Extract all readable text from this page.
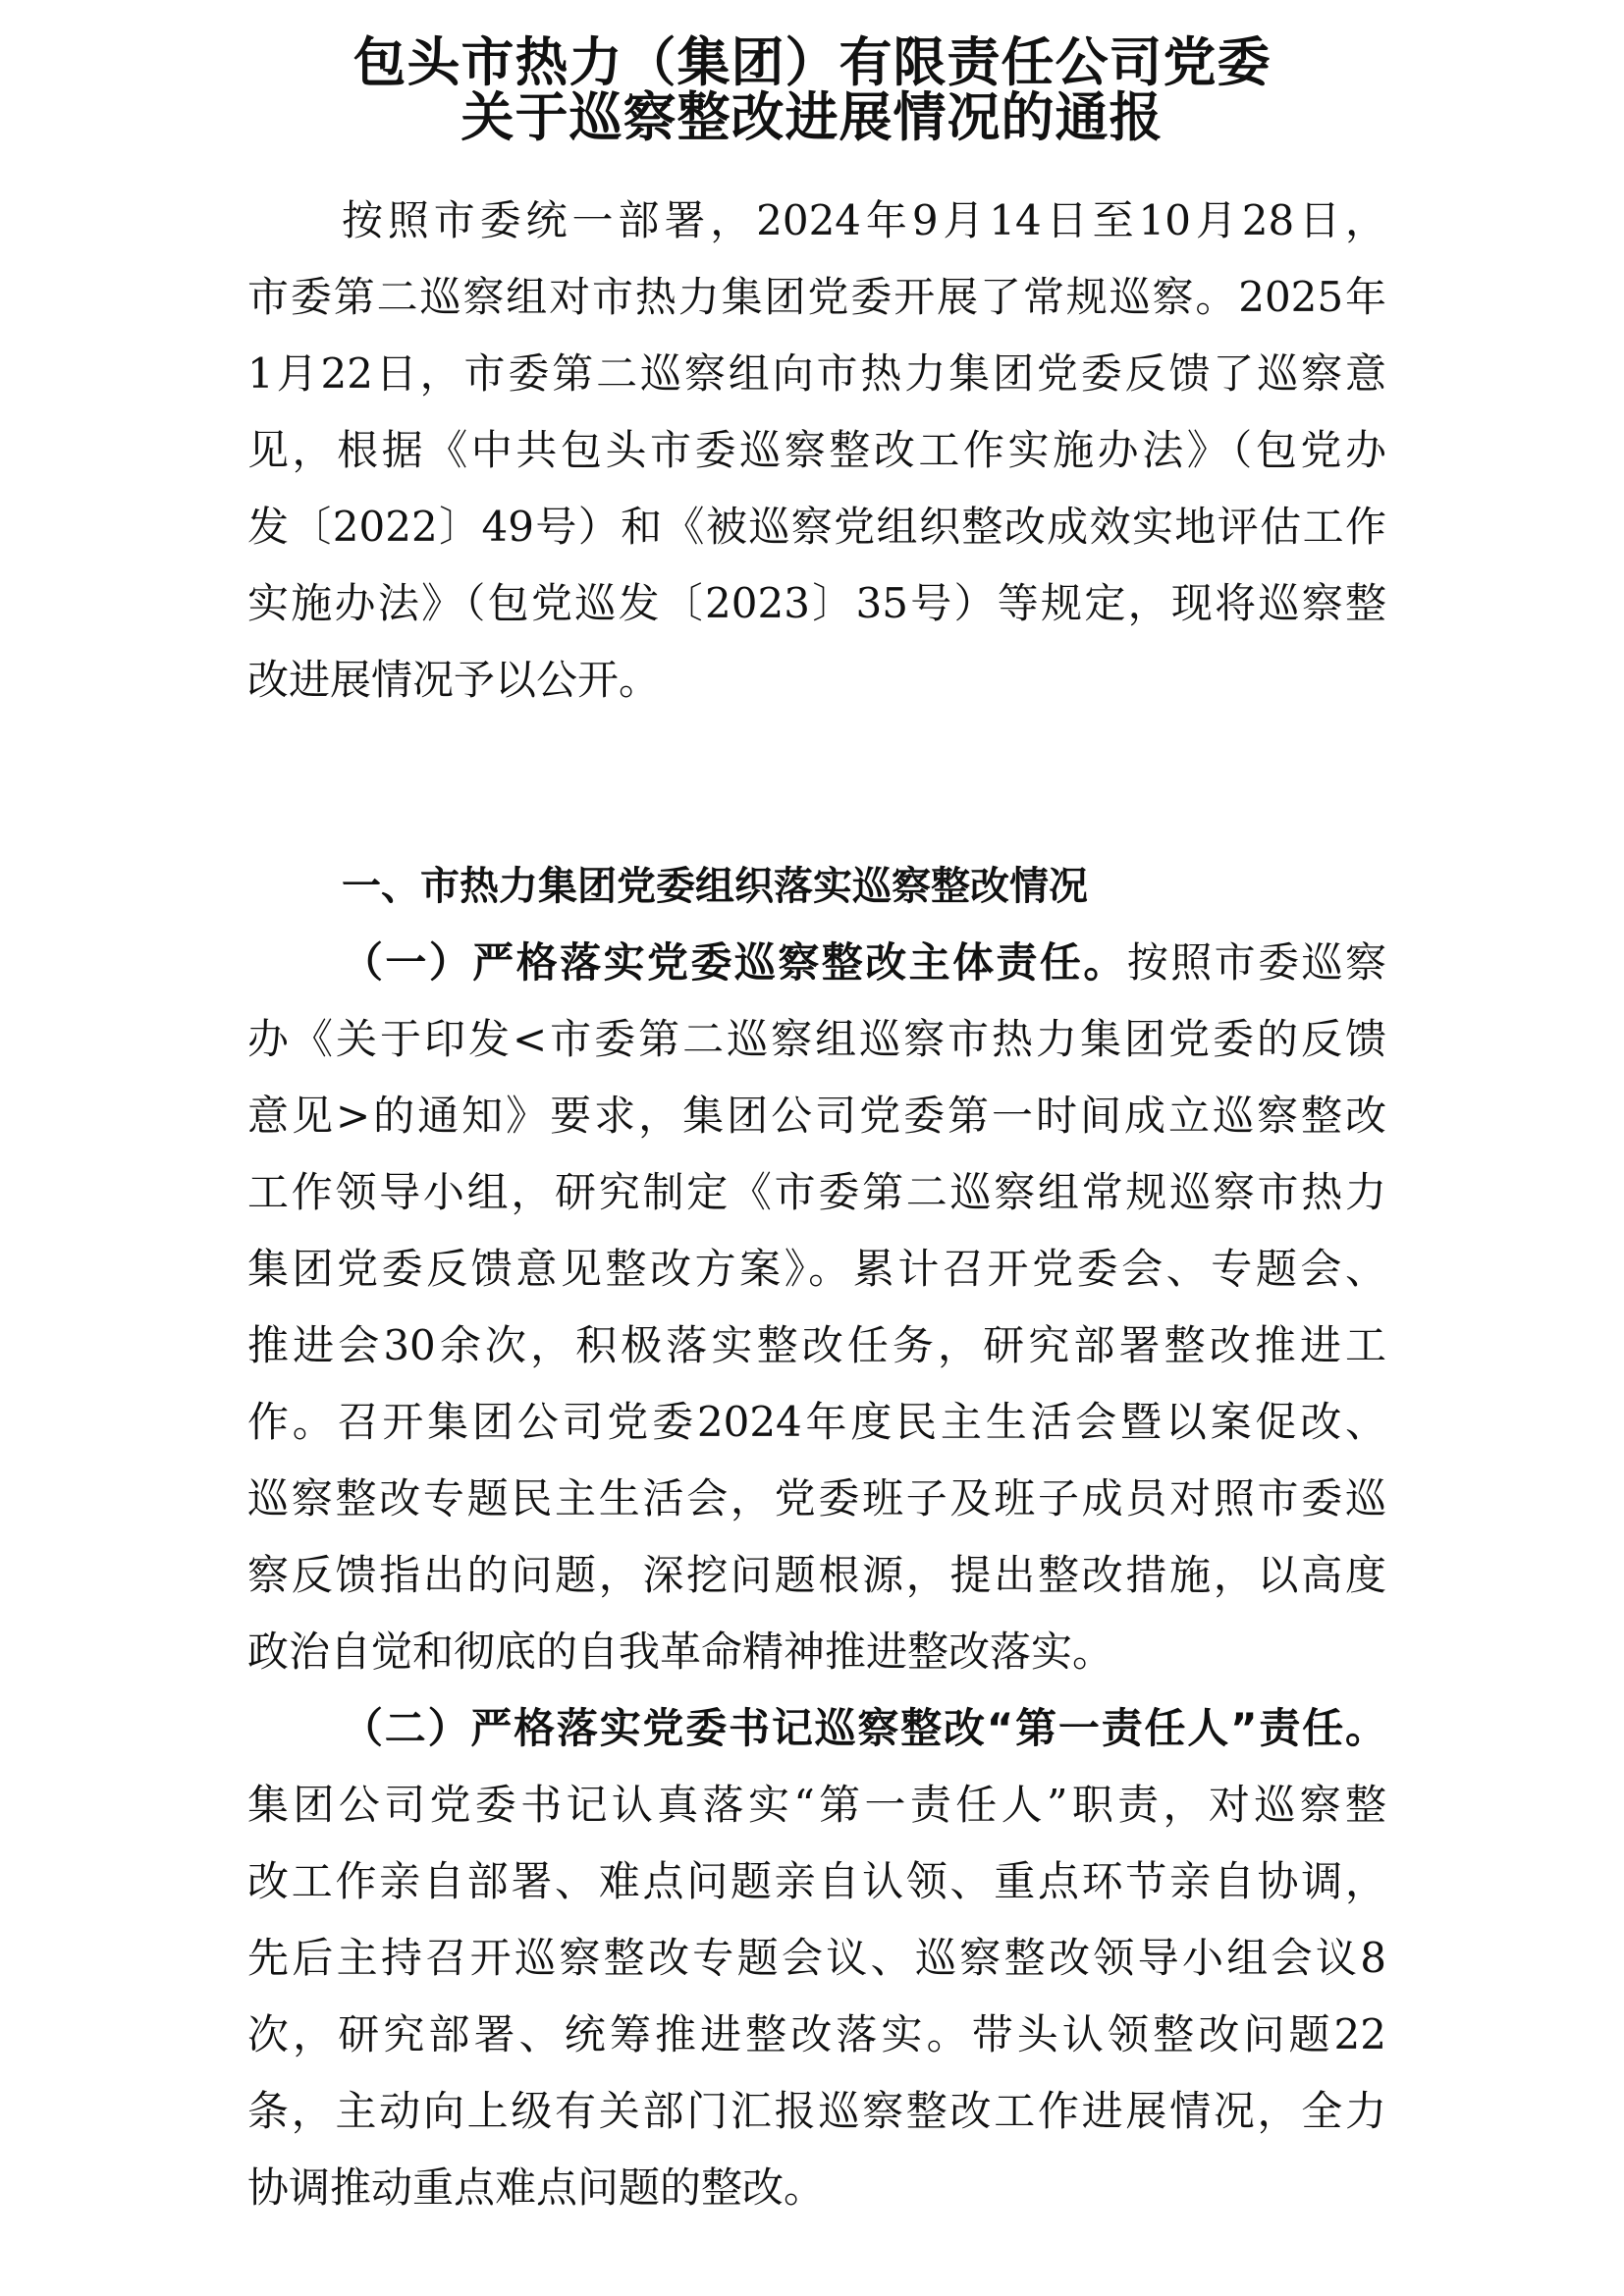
包头市热力（集团）有限责任公司党委
关于巡察整改进展情况的通报
按照市委统一部署，2024年9月14日至10月28日，
市委第二巡察组对市热力集团党委开展了常规巡察。2025年
1月22日，市委第二巡察组向市热力集团党委反馈了巡察意
见，根据《中共包头市委巡察整改工作实施办法》（包党办
发〔2022〕49号）和《被巡察党组织整改成效实地评估工作
实施办法》（包党巡发〔2023〕35号）等规定，现将巡察整
改进展情况予以公开。
一、市热力集团党委组织落实巡察整改情况
（一）严格落实党委巡察整改主体责任。按照市委巡察
办《关于印发<市委第二巡察组巡察市热力集团党委的反馈
意见>的通知》要求，集团公司党委第一时间成立巡察整改
工作领导小组，研究制定《市委第二巡察组常规巡察市热力
集团党委反馈意见整改方案》。累计召开党委会、专题会、
推进会30余次，积极落实整改任务，研究部署整改推进工
作。召开集团公司党委2024年度民主生活会暨以案促改、
巡察整改专题民主生活会，党委班子及班子成员对照市委巡
察反馈指出的问题，深挖问题根源，提出整改措施，以高度
政治自觉和彻底的自我革命精神推进整改落实。
（二）严格落实党委书记巡察整改“第一责任人”责任。
集团公司党委书记认真落实“第一责任人”职责，对巡察整
改工作亲自部署、难点问题亲自认领、重点环节亲自协调，
先后主持召开巡察整改专题会议、巡察整改领导小组会议8
次，研究部署、统筹推进整改落实。带头认领整改问题22
条，主动向上级有关部门汇报巡察整改工作进展情况，全力
协调推动重点难点问题的整改。
